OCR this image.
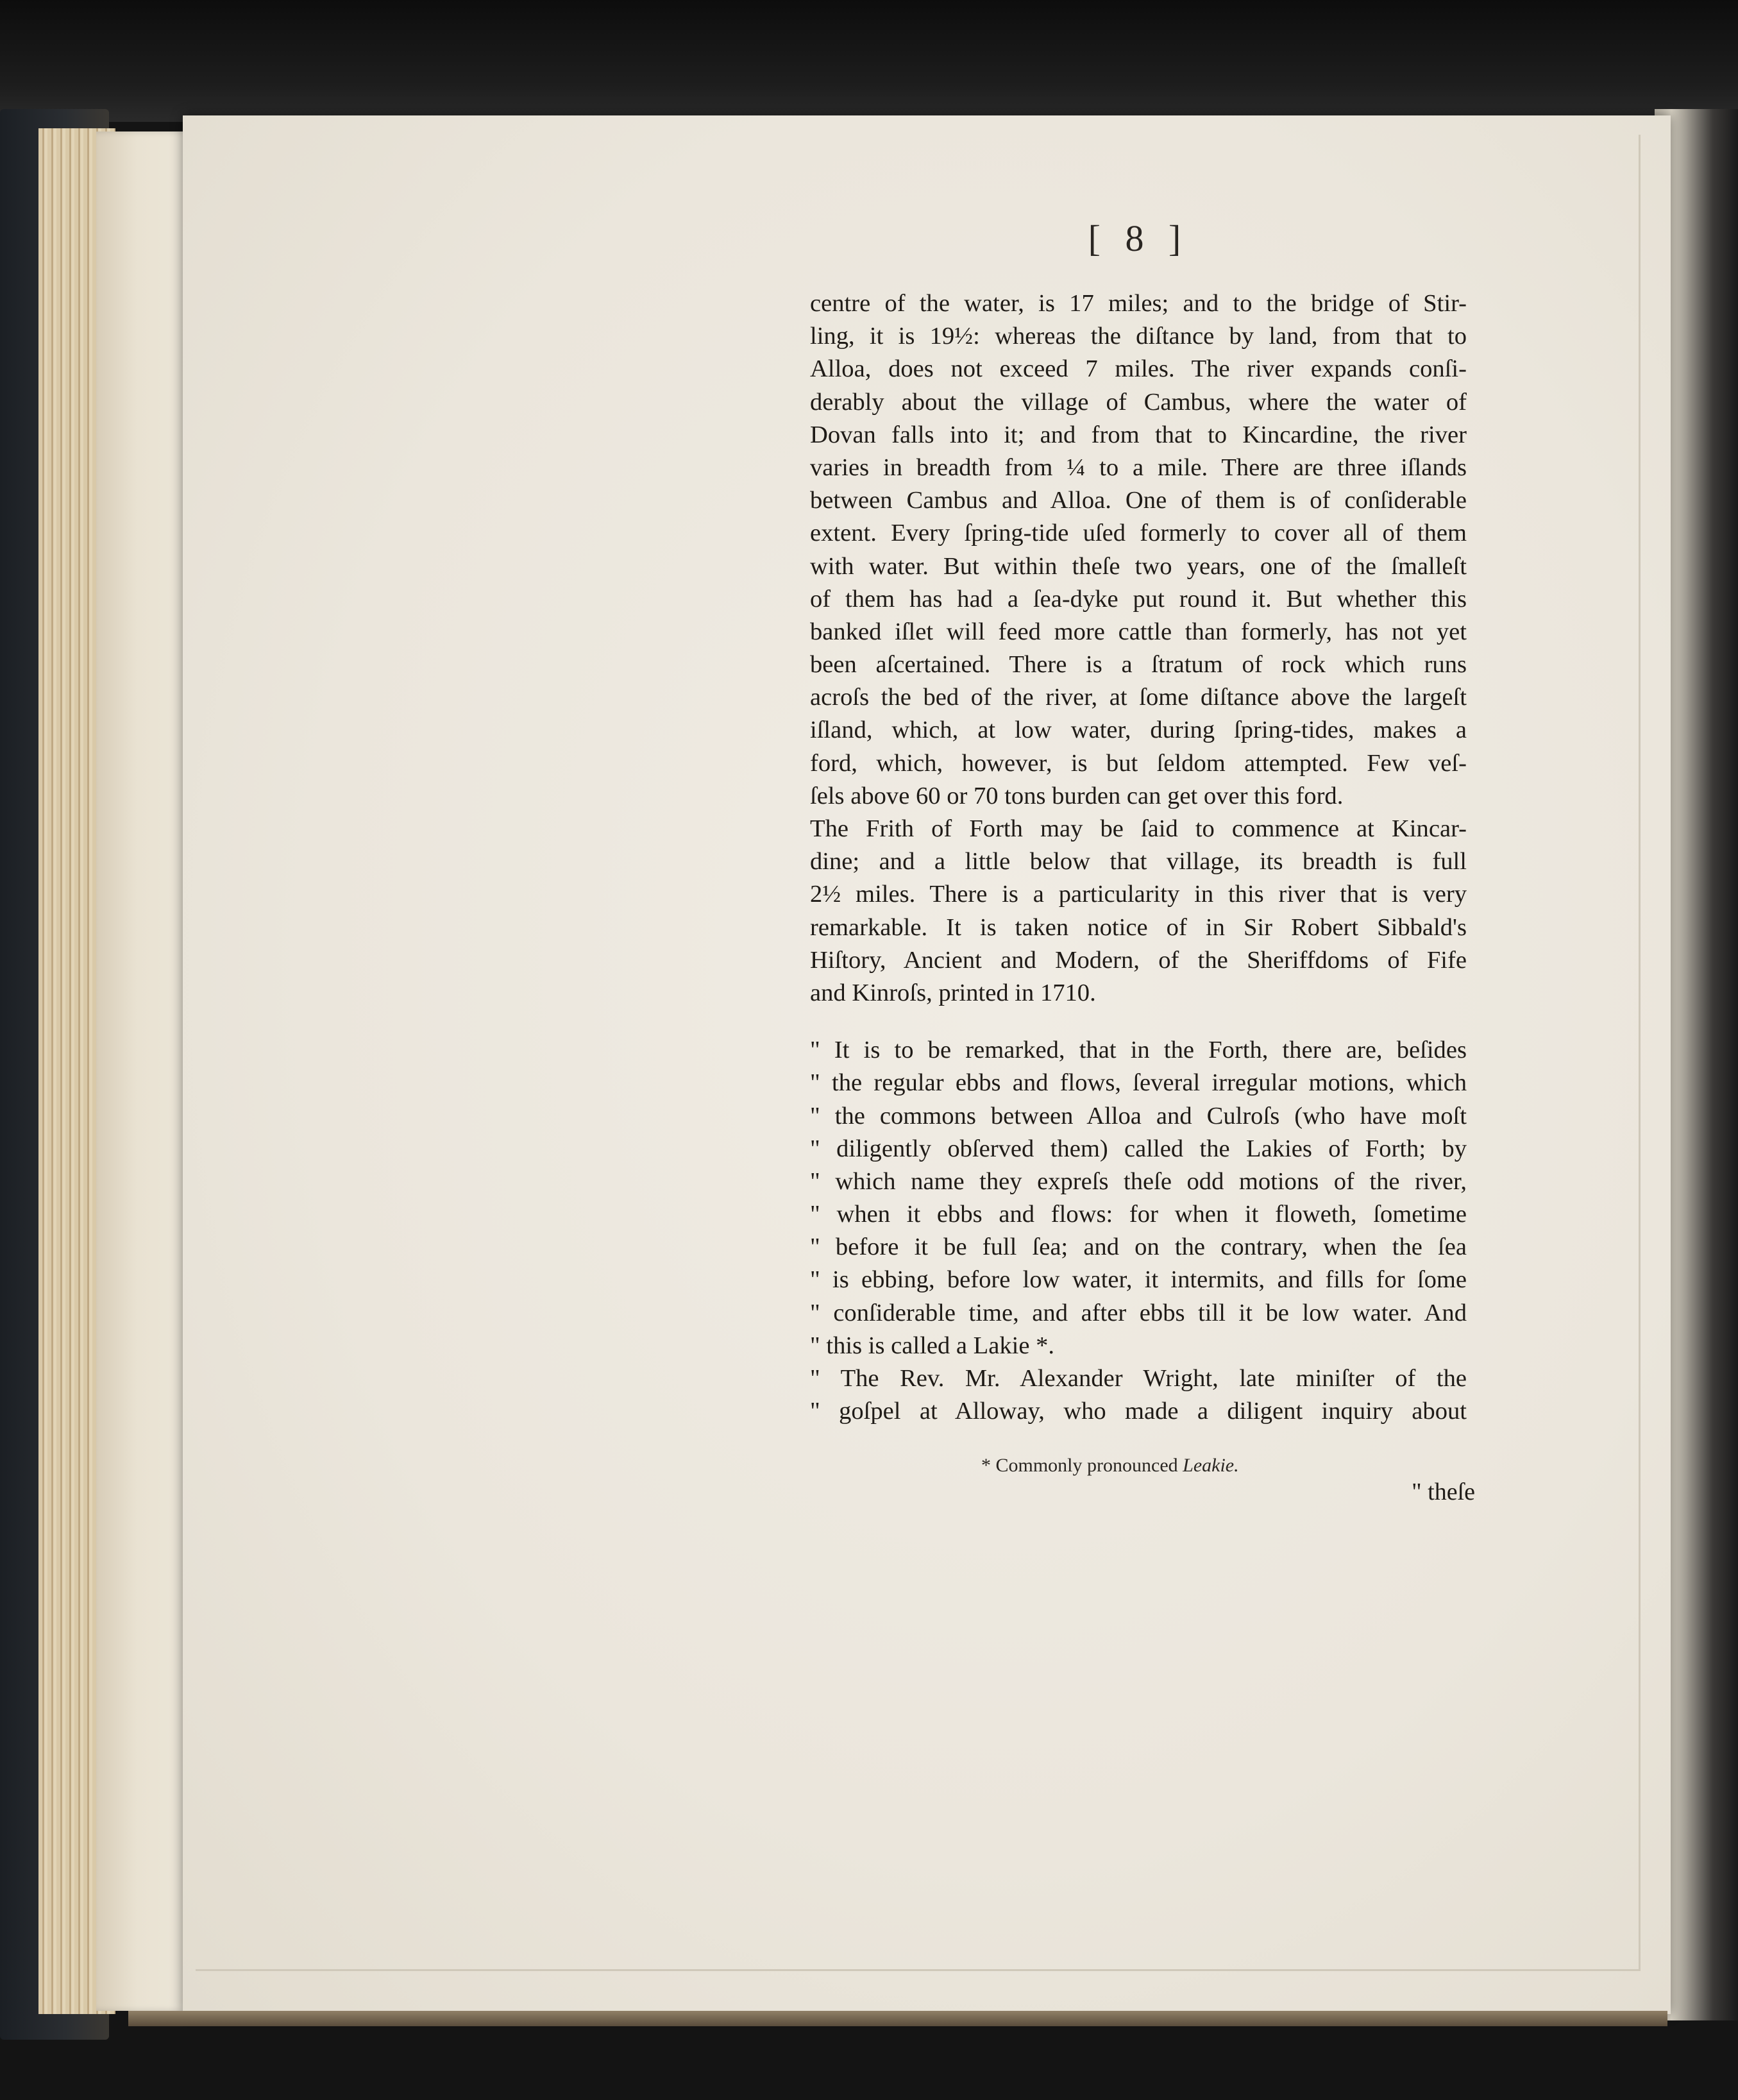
[ 8 ]
centre of the water, is 17 miles; and to the bridge of Stir-
ling, it is 19½: whereas the diſtance by land, from that to
Alloa, does not exceed 7 miles. The river expands conſi-
derably about the village of Cambus, where the water of
Dovan falls into it; and from that to Kincardine, the river
varies in breadth from ¼ to a mile. There are three iſlands
between Cambus and Alloa. One of them is of conſiderable
extent. Every ſpring-tide uſed formerly to cover all of them
with water. But within theſe two years, one of the ſmalleſt
of them has had a ſea-dyke put round it. But whether this
banked iſlet will feed more cattle than formerly, has not yet
been aſcertained. There is a ſtratum of rock which runs
acroſs the bed of the river, at ſome diſtance above the largeſt
iſland, which, at low water, during ſpring-tides, makes a
ford, which, however, is but ſeldom attempted. Few veſ-
ſels above 60 or 70 tons burden can get over this ford.
The Frith of Forth may be ſaid to commence at Kincar-
dine; and a little below that village, its breadth is full
2½ miles. There is a particularity in this river that is very
remarkable. It is taken notice of in Sir Robert Sibbald's
Hiſtory, Ancient and Modern, of the Sheriffdoms of Fife
and Kinroſs, printed in 1710.
" It is to be remarked, that in the Forth, there are, beſides
" the regular ebbs and flows, ſeveral irregular motions, which
" the commons between Alloa and Culroſs (who have moſt
" diligently obſerved them) called the Lakies of Forth; by
" which name they expreſs theſe odd motions of the river,
" when it ebbs and flows: for when it floweth, ſometime
" before it be full ſea; and on the contrary, when the ſea
" is ebbing, before low water, it intermits, and fills for ſome
" conſiderable time, and after ebbs till it be low water. And
" this is called a Lakie *.
" The Rev. Mr. Alexander Wright, late miniſter of the
" goſpel at Alloway, who made a diligent inquiry about
* Commonly pronounced Leakie.
" theſe
